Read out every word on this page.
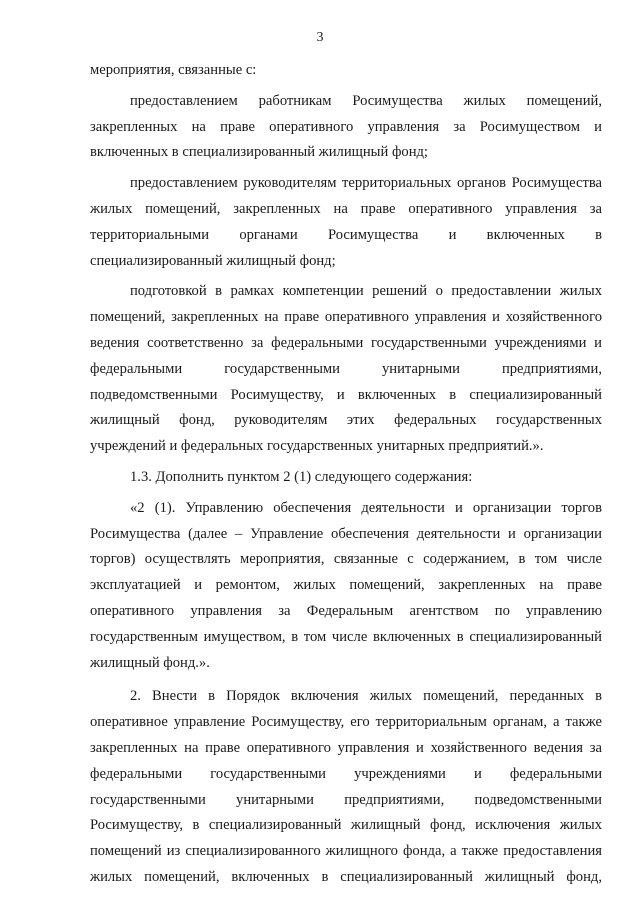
3

мероприятия, связанные с:

предоставлением работникам Росимущества жилых помещений, закрепленных на праве оперативного управления за Росимуществом и включенных в специализированный жилищный фонд;

предоставлением руководителям территориальных органов Росимущества жилых помещений, закрепленных на праве оперативного управления за территориальными органами Росимущества и включенных в специализированный жилищный фонд;

подготовкой в рамках компетенции решений о предоставлении жилых помещений, закрепленных на праве оперативного управления и хозяйственного ведения соответственно за федеральными государственными учреждениями и федеральными государственными унитарными предприятиями, подведомственными Росимуществу, и включенных в специализированный жилищный фонд, руководителям этих федеральных государственных учреждений и федеральных государственных унитарных предприятий.».

1.3. Дополнить пунктом 2 (1) следующего содержания:

«2 (1). Управлению обеспечения деятельности и организации торгов Росимущества (далее – Управление обеспечения деятельности и организации торгов) осуществлять мероприятия, связанные с содержанием, в том числе эксплуатацией и ремонтом, жилых помещений, закрепленных на праве оперативного управления за Федеральным агентством по управлению государственным имуществом, в том числе включенных в специализированный жилищный фонд.».

2. Внести в Порядок включения жилых помещений, переданных в оперативное управление Росимуществу, его территориальным органам, а также закрепленных на праве оперативного управления и хозяйственного ведения за федеральными государственными учреждениями и федеральными государственными унитарными предприятиями, подведомственными Росимуществу, в специализированный жилищный фонд, исключения жилых помещений из специализированного жилищного фонда, а также предоставления жилых помещений, включенных в специализированный жилищный фонд,
